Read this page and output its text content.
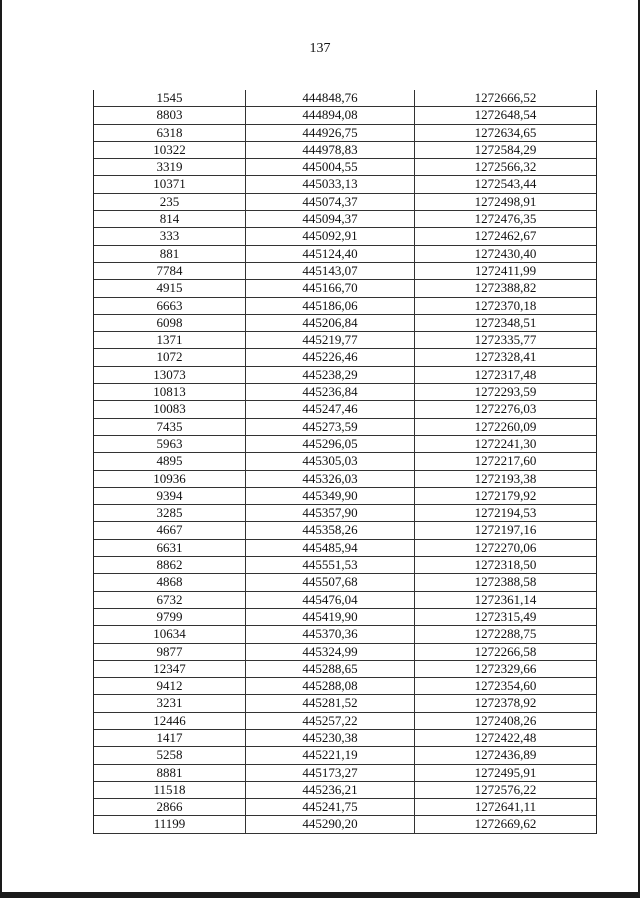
137
1545	444848,76	1272666,52
8803	444894,08	1272648,54
6318	444926,75	1272634,65
10322	444978,83	1272584,29
3319	445004,55	1272566,32
10371	445033,13	1272543,44
235	445074,37	1272498,91
814	445094,37	1272476,35
333	445092,91	1272462,67
881	445124,40	1272430,40
7784	445143,07	1272411,99
4915	445166,70	1272388,82
6663	445186,06	1272370,18
6098	445206,84	1272348,51
1371	445219,77	1272335,77
1072	445226,46	1272328,41
13073	445238,29	1272317,48
10813	445236,84	1272293,59
10083	445247,46	1272276,03
7435	445273,59	1272260,09
5963	445296,05	1272241,30
4895	445305,03	1272217,60
10936	445326,03	1272193,38
9394	445349,90	1272179,92
3285	445357,90	1272194,53
4667	445358,26	1272197,16
6631	445485,94	1272270,06
8862	445551,53	1272318,50
4868	445507,68	1272388,58
6732	445476,04	1272361,14
9799	445419,90	1272315,49
10634	445370,36	1272288,75
9877	445324,99	1272266,58
12347	445288,65	1272329,66
9412	445288,08	1272354,60
3231	445281,52	1272378,92
12446	445257,22	1272408,26
1417	445230,38	1272422,48
5258	445221,19	1272436,89
8881	445173,27	1272495,91
11518	445236,21	1272576,22
2866	445241,75	1272641,11
11199	445290,20	1272669,62
